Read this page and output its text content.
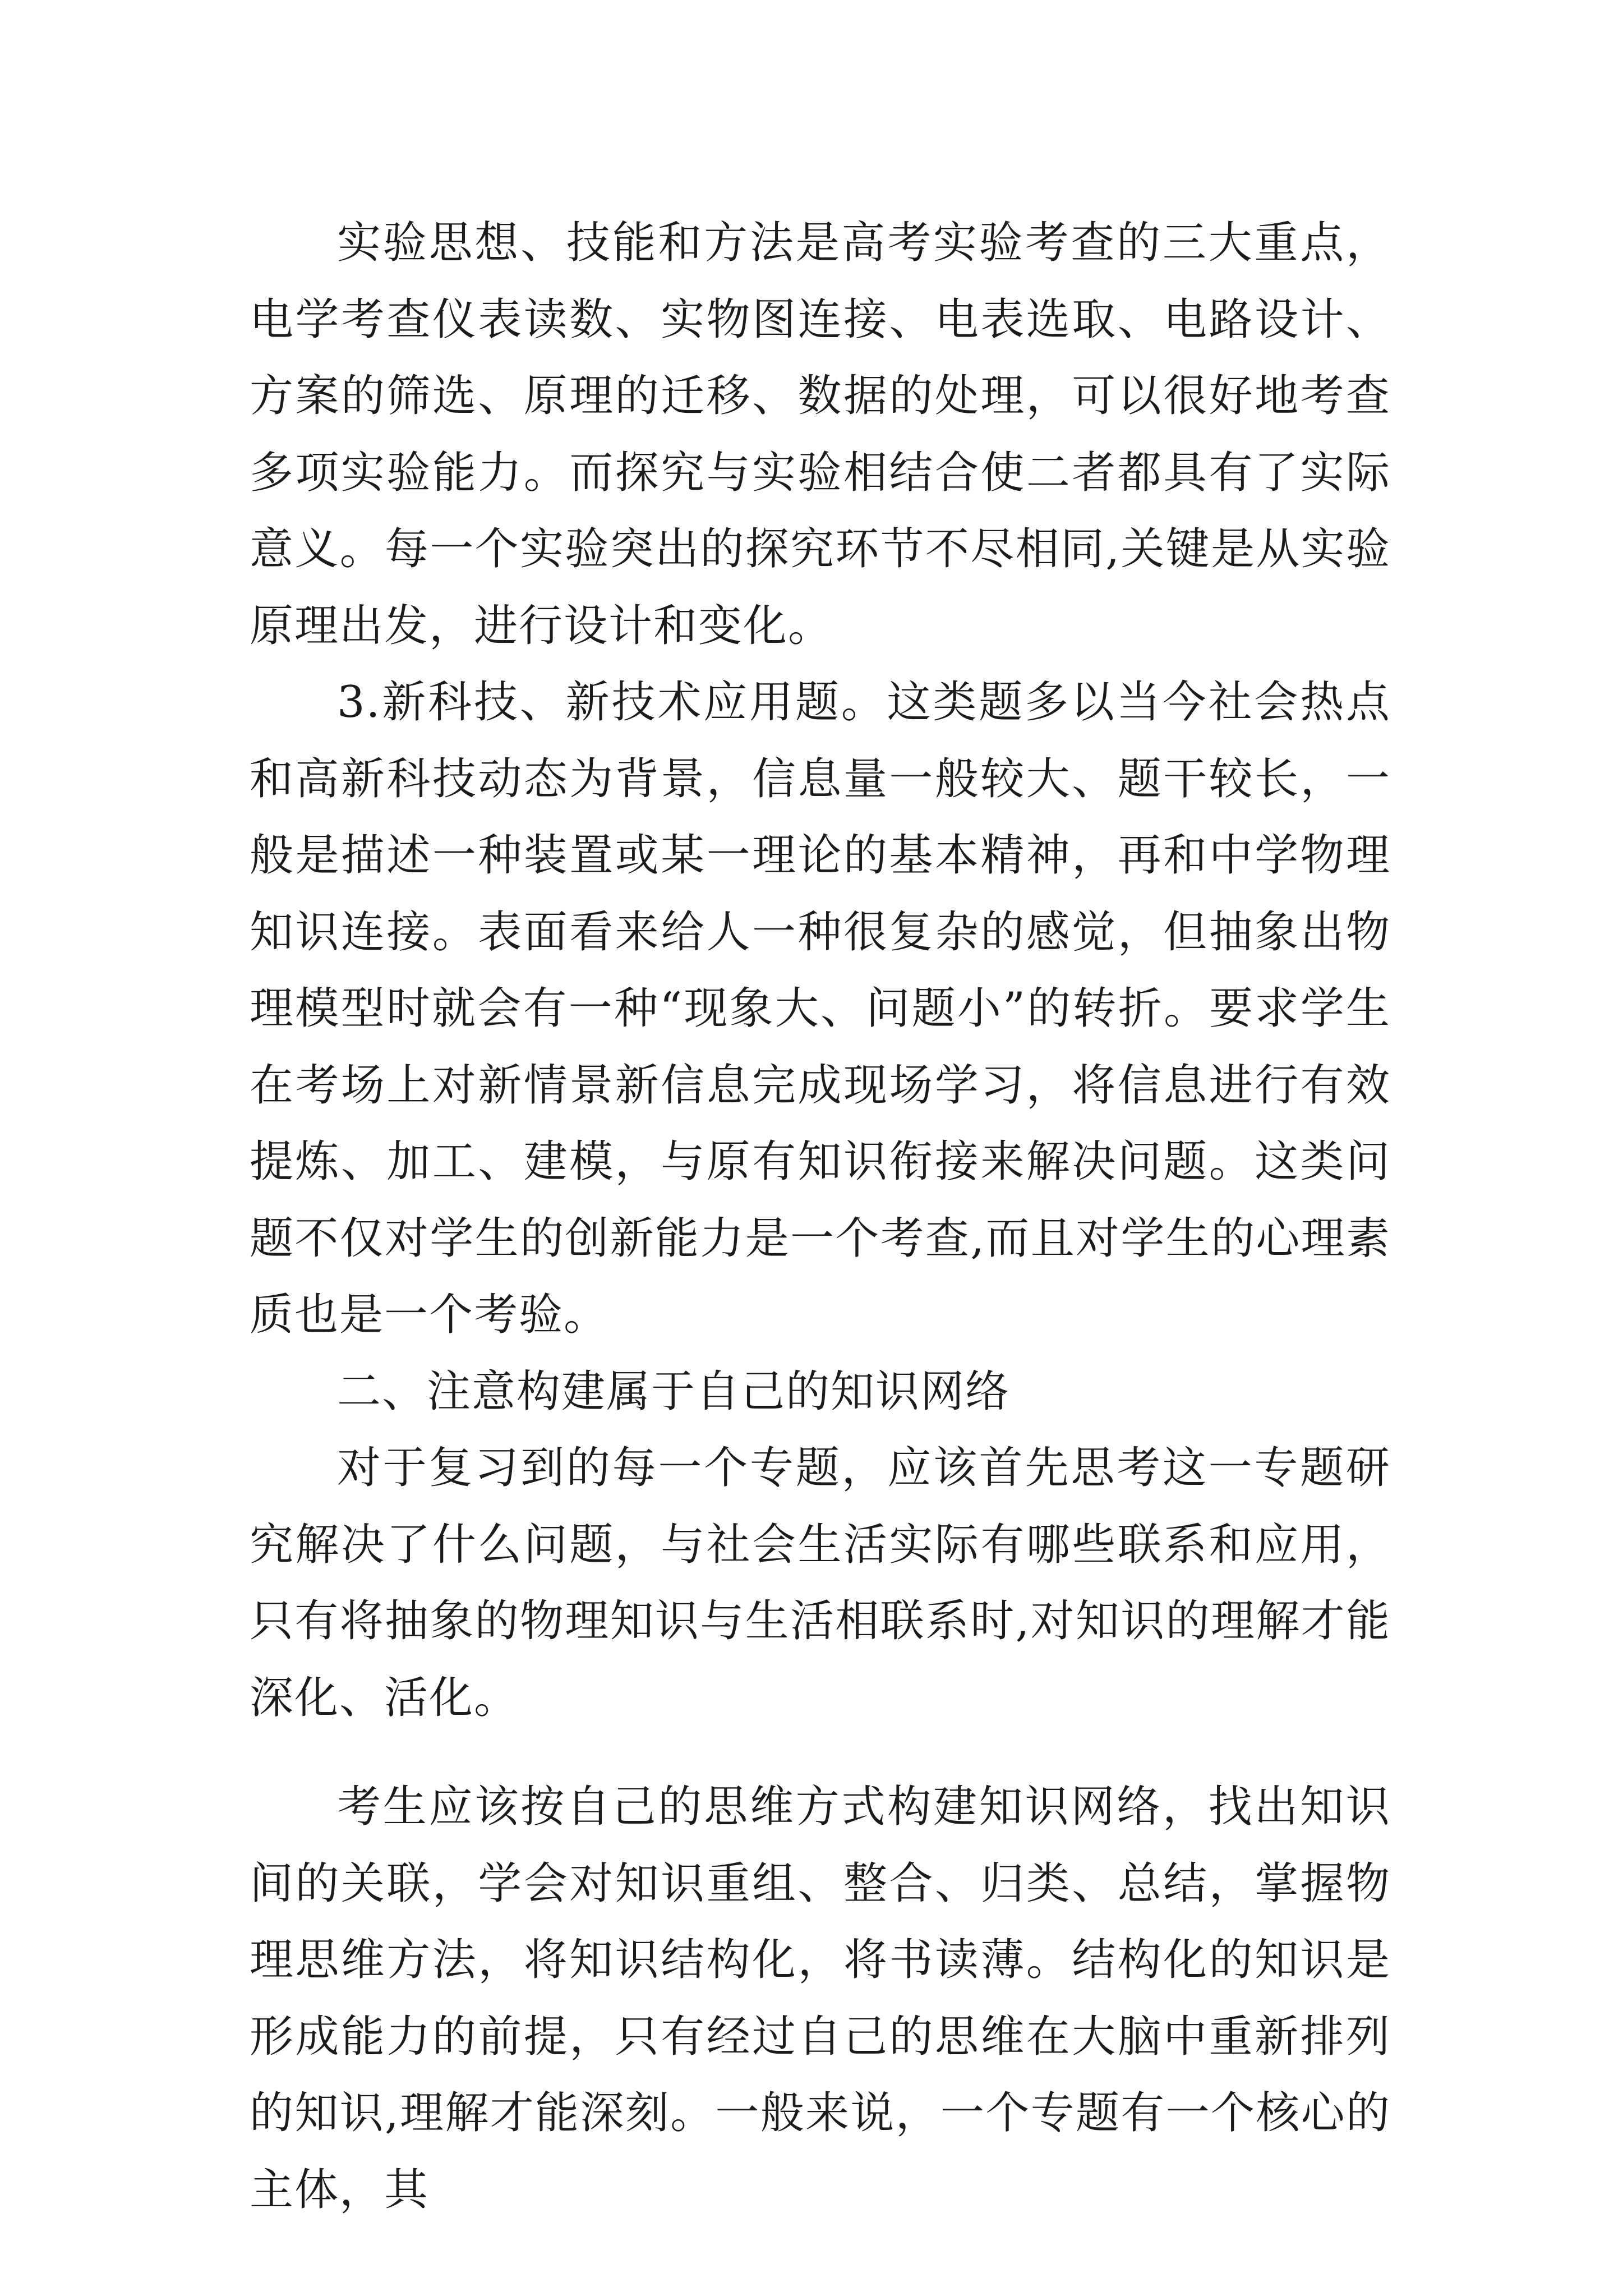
实验思想、技能和方法是高考实验考查的三大重点，电学考查仪表读数、实物图连接、电表选取、电路设计、方案的筛选、原理的迁移、数据的处理，可以很好地考查多项实验能力。而探究与实验相结合使二者都具有了实际意义。每一个实验突出的探究环节不尽相同,关键是从实验原理出发，进行设计和变化。

3.新科技、新技术应用题。这类题多以当今社会热点和高新科技动态为背景，信息量一般较大、题干较长，一般是描述一种装置或某一理论的基本精神，再和中学物理知识连接。表面看来给人一种很复杂的感觉，但抽象出物理模型时就会有一种“现象大、问题小”的转折。要求学生在考场上对新情景新信息完成现场学习，将信息进行有效提炼、加工、建模，与原有知识衔接来解决问题。这类问题不仅对学生的创新能力是一个考查,而且对学生的心理素质也是一个考验。

二、注意构建属于自己的知识网络

对于复习到的每一个专题，应该首先思考这一专题研究解决了什么问题，与社会生活实际有哪些联系和应用，只有将抽象的物理知识与生活相联系时,对知识的理解才能深化、活化。

考生应该按自己的思维方式构建知识网络，找出知识间的关联，学会对知识重组、整合、归类、总结，掌握物理思维方法，将知识结构化，将书读薄。结构化的知识是形成能力的前提，只有经过自己的思维在大脑中重新排列的知识,理解才能深刻。一般来说，一个专题有一个核心的主体，其
